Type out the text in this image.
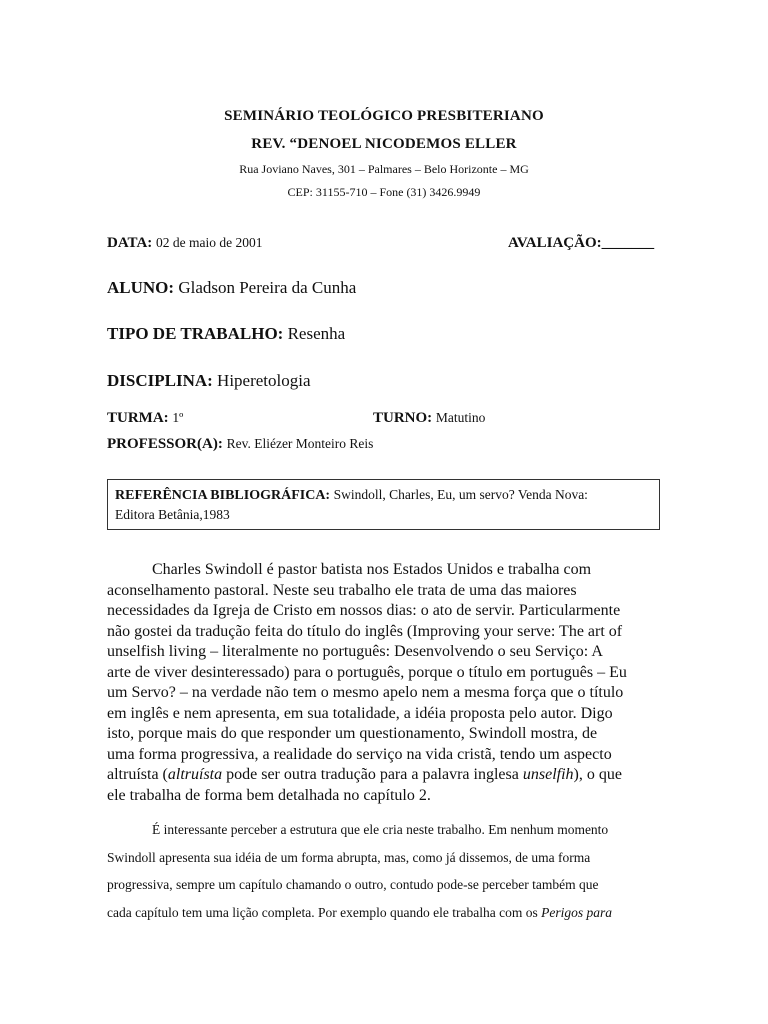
SEMINÁRIO TEOLÓGICO PRESBITERIANO
REV. “DENOEL NICODEMOS ELLER
Rua Joviano Naves, 301 – Palmares – Belo Horizonte – MG
CEP: 31155-710 – Fone (31) 3426.9949
DATA: 02 de maio de 2001	AVALIAÇÃO:_______
ALUNO: Gladson Pereira da Cunha
TIPO DE TRABALHO: Resenha
DISCIPLINA: Hiperetologia
TURMA: 1º	TURNO: Matutino
PROFESSOR(A): Rev. Eliézer Monteiro Reis
REFERÊNCIA BIBLIOGRÁFICA: Swindoll, Charles, Eu, um servo? Venda Nova:
Editora Betânia,1983
Charles Swindoll é pastor batista nos Estados Unidos e trabalha com
aconselhamento pastoral. Neste seu trabalho ele trata de uma das maiores
necessidades da Igreja de Cristo em nossos dias: o ato de servir. Particularmente
não gostei da tradução feita do título do inglês (Improving your serve: The art of
unselfish living – literalmente no português: Desenvolvendo o seu Serviço: A
arte de viver desinteressado) para o português, porque o título em português – Eu
um Servo? – na verdade não tem o mesmo apelo nem a mesma força que o título
em inglês e nem apresenta, em sua totalidade, a idéia proposta pelo autor. Digo
isto, porque mais do que responder um questionamento, Swindoll mostra, de
uma forma progressiva, a realidade do serviço na vida cristã, tendo um aspecto
altruísta (altruísta pode ser outra tradução para a palavra inglesa unselfih), o que
ele trabalha de forma bem detalhada no capítulo 2.
É interessante perceber a estrutura que ele cria neste trabalho. Em nenhum momento
Swindoll apresenta sua idéia de um forma abrupta, mas, como já dissemos, de uma forma
progressiva, sempre um capítulo chamando o outro, contudo pode-se perceber também que
cada capítulo tem uma lição completa. Por exemplo quando ele trabalha com os Perigos para
